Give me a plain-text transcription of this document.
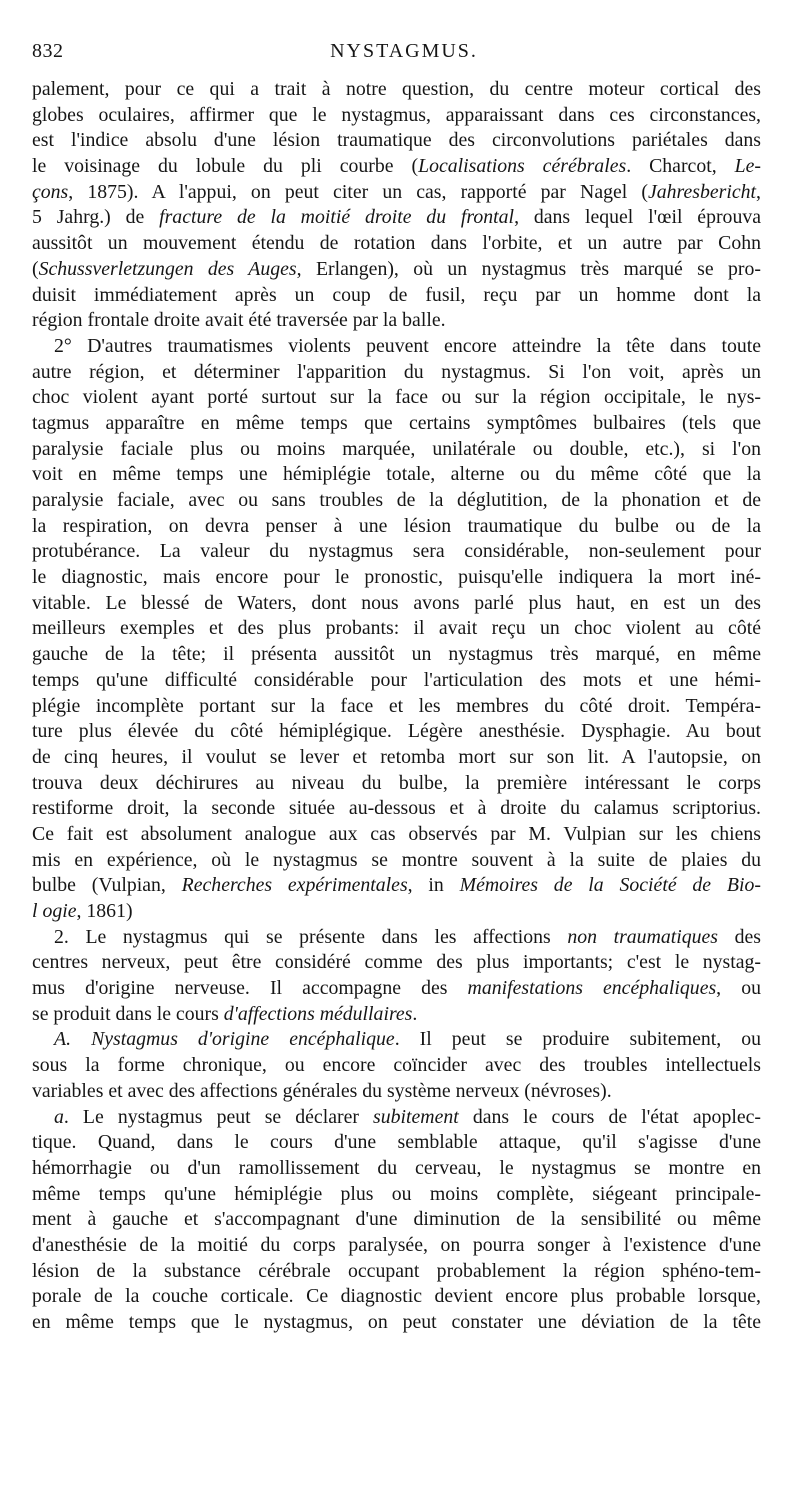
832	NYSTAGMUS.
palement, pour ce qui a trait à notre question, du centre moteur cortical des
globes oculaires, affirmer que le nystagmus, apparaissant dans ces circonstances,
est l'indice absolu d'une lésion traumatique des circonvolutions pariétales dans
le voisinage du lobule du pli courbe (Localisations cérébrales. Charcot, Le-
çons, 1875). A l'appui, on peut citer un cas, rapporté par Nagel (Jahresbericht,
5 Jahrg.) de fracture de la moitié droite du frontal, dans lequel l'œil éprouva
aussitôt un mouvement étendu de rotation dans l'orbite, et un autre par Cohn
(Schussverletzungen des Auges, Erlangen), où un nystagmus très marqué se pro-
duisit immédiatement après un coup de fusil, reçu par un homme dont la
région frontale droite avait été traversée par la balle.
2° D'autres traumatismes violents peuvent encore atteindre la tête dans toute
autre région, et déterminer l'apparition du nystagmus. Si l'on voit, après un
choc violent ayant porté surtout sur la face ou sur la région occipitale, le nys-
tagmus apparaître en même temps que certains symptômes bulbaires (tels que
paralysie faciale plus ou moins marquée, unilatérale ou double, etc.), si l'on
voit en même temps une hémiplégie totale, alterne ou du même côté que la
paralysie faciale, avec ou sans troubles de la déglutition, de la phonation et de
la respiration, on devra penser à une lésion traumatique du bulbe ou de la
protubérance. La valeur du nystagmus sera considérable, non-seulement pour
le diagnostic, mais encore pour le pronostic, puisqu'elle indiquera la mort iné-
vitable. Le blessé de Waters, dont nous avons parlé plus haut, en est un des
meilleurs exemples et des plus probants: il avait reçu un choc violent au côté
gauche de la tête; il présenta aussitôt un nystagmus très marqué, en même
temps qu'une difficulté considérable pour l'articulation des mots et une hémi-
plégie incomplète portant sur la face et les membres du côté droit. Tempéra-
ture plus élevée du côté hémiplégique. Légère anesthésie. Dysphagie. Au bout
de cinq heures, il voulut se lever et retomba mort sur son lit. A l'autopsie, on
trouva deux déchirures au niveau du bulbe, la première intéressant le corps
restiforme droit, la seconde située au-dessous et à droite du calamus scriptorius.
Ce fait est absolument analogue aux cas observés par M. Vulpian sur les chiens
mis en expérience, où le nystagmus se montre souvent à la suite de plaies du
bulbe (Vulpian, Recherches expérimentales, in Mémoires de la Société de Bio-
l ogie, 1861)
2. Le nystagmus qui se présente dans les affections non traumatiques des
centres nerveux, peut être considéré comme des plus importants; c'est le nystag-
mus d'origine nerveuse. Il accompagne des manifestations encéphaliques, ou
se produit dans le cours d'affections médullaires.
A. Nystagmus d'origine encéphalique. Il peut se produire subitement, ou
sous la forme chronique, ou encore coïncider avec des troubles intellectuels
variables et avec des affections générales du système nerveux (névroses).
a. Le nystagmus peut se déclarer subitement dans le cours de l'état apoplec-
tique. Quand, dans le cours d'une semblable attaque, qu'il s'agisse d'une
hémorrhagie ou d'un ramollissement du cerveau, le nystagmus se montre en
même temps qu'une hémiplégie plus ou moins complète, siégeant principale-
ment à gauche et s'accompagnant d'une diminution de la sensibilité ou même
d'anesthésie de la moitié du corps paralysée, on pourra songer à l'existence d'une
lésion de la substance cérébrale occupant probablement la région sphéno-tem-
porale de la couche corticale. Ce diagnostic devient encore plus probable lorsque,
en même temps que le nystagmus, on peut constater une déviation de la tête
